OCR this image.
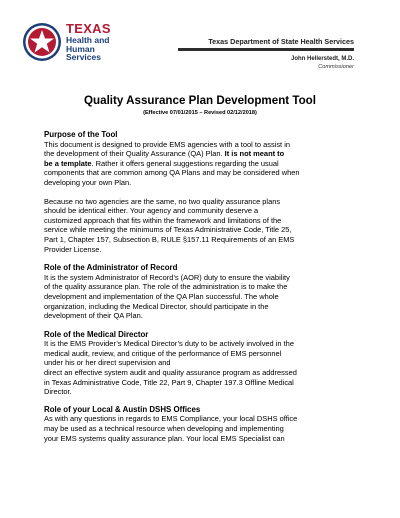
TEXAS
Health and Human
Services
Texas Department of State Health Services
John Hellerstedt, M.D.
Commissioner
Quality Assurance Plan Development Tool
(Effective 07/01/2015 – Revised 02/12/2018)

Purpose of the Tool

This document is designed to provide EMS agencies with a tool to assist in
the development of their Quality Assurance (QA) Plan. It is not meant to
be a template. Rather it offers general suggestions regarding the usual
components that are common among QA Plans and may be considered when
developing your own Plan.

Because no two agencies are the same, no two quality assurance plans
should be identical either. Your agency and community deserve a
customized approach that fits within the framework and limitations of the
service while meeting the minimums of Texas Administrative Code, Title 25,
Part 1, Chapter 157, Subsection B, RULE §157.11 Requirements of an EMS
Provider License.

Role of the Administrator of Record

It is the system Administrator of Record’s (AOR) duty to ensure the viability
of the quality assurance plan. The role of the administration is to make the
development and implementation of the QA Plan successful. The whole
organization, including the Medical Director, should participate in the
development of their QA Plan.

Role of the Medical Director

It is the EMS Provider’s Medical Director’s duty to be actively involved in the
medical audit, review, and critique of the performance of EMS personnel
under his or her direct supervision and
direct an effective system audit and quality assurance program as addressed
in Texas Administrative Code, Title 22, Part 9, Chapter 197.3 Offline Medical
Director.

Role of your Local & Austin DSHS Offices

As with any questions in regards to EMS Compliance, your local DSHS office
may be used as a technical resource when developing and implementing
your EMS systems quality assurance plan. Your local EMS Specialist can
